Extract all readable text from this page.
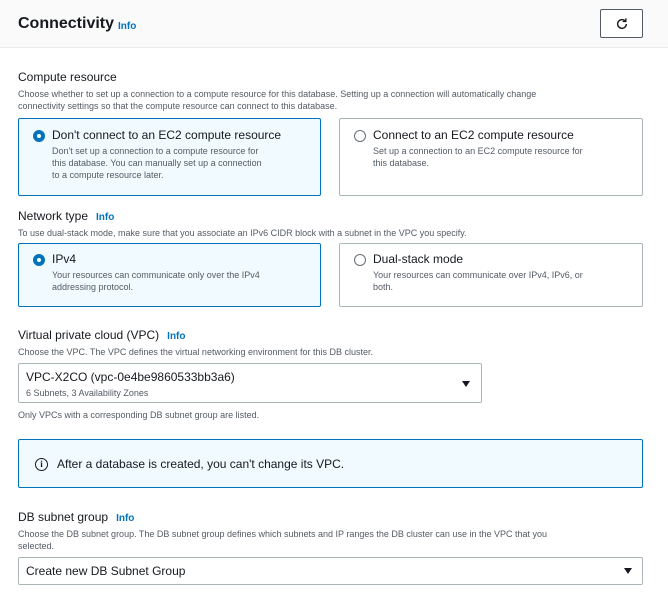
Connectivity Info
Compute resource
Choose whether to set up a connection to a compute resource for this database. Setting up a connection will automatically change
connectivity settings so that the compute resource can connect to this database.
Don't connect to an EC2 compute resource
Don't set up a connection to a compute resource for
this database. You can manually set up a connection
to a compute resource later.
Connect to an EC2 compute resource
Set up a connection to an EC2 compute resource for
this database.
Network type Info
To use dual-stack mode, make sure that you associate an IPv6 CIDR block with a subnet in the VPC you specify.
IPv4
Your resources can communicate only over the IPv4
addressing protocol.
Dual-stack mode
Your resources can communicate over IPv4, IPv6, or
both.
Virtual private cloud (VPC) Info
Choose the VPC. The VPC defines the virtual networking environment for this DB cluster.
VPC-X2CO (vpc-0e4be9860533bb3a6)
6 Subnets, 3 Availability Zones
Only VPCs with a corresponding DB subnet group are listed.
i	After a database is created, you can't change its VPC.
DB subnet group Info
Choose the DB subnet group. The DB subnet group defines which subnets and IP ranges the DB cluster can use in the VPC that you
selected.
Create new DB Subnet Group
